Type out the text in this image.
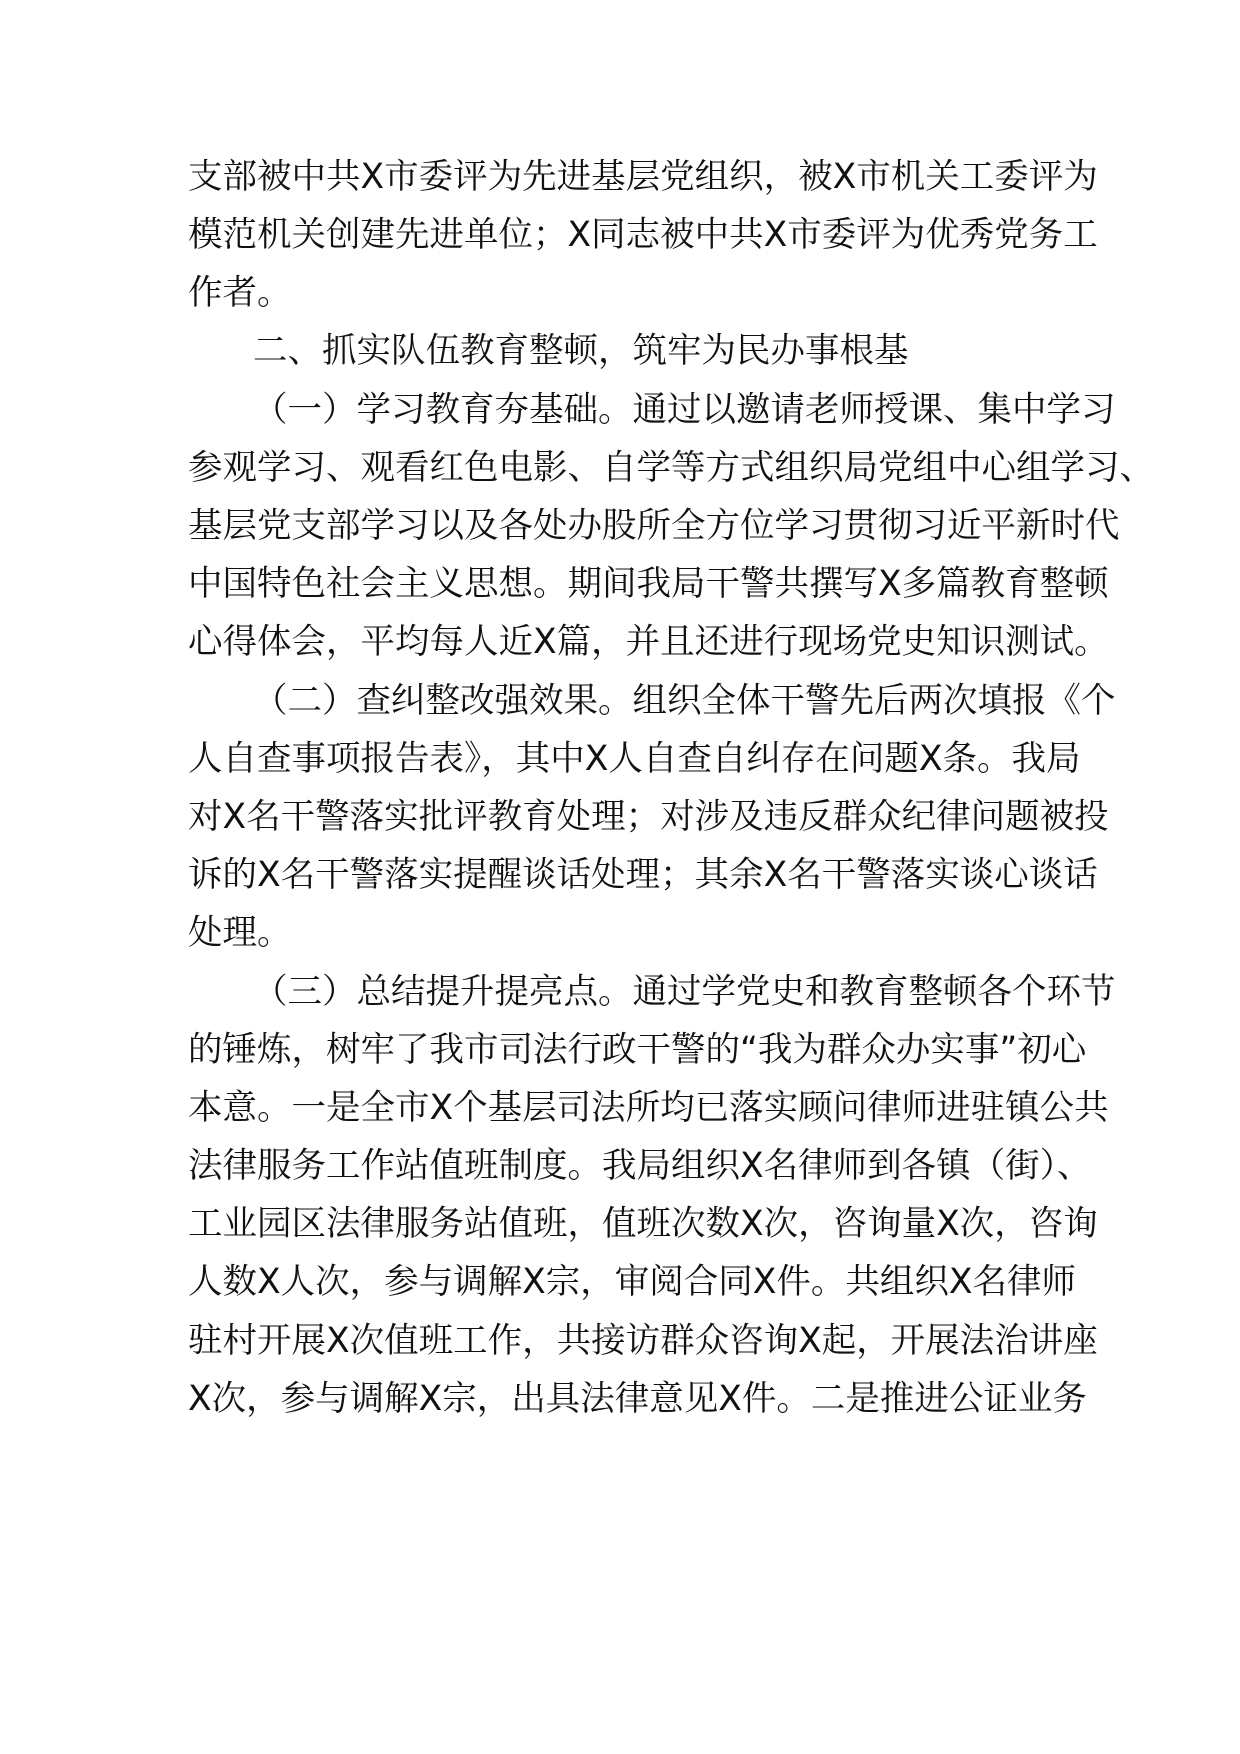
支部被中共X市委评为先进基层党组织，被X市机关工委评为
模范机关创建先进单位；X同志被中共X市委评为优秀党务工
作者。
二、抓实队伍教育整顿，筑牢为民办事根基
（一）学习教育夯基础。通过以邀请老师授课、集中学习
参观学习、观看红色电影、自学等方式组织局党组中心组学习、
基层党支部学习以及各处办股所全方位学习贯彻习近平新时代
中国特色社会主义思想。期间我局干警共撰写X多篇教育整顿
心得体会，平均每人近X篇，并且还进行现场党史知识测试。
（二）查纠整改强效果。组织全体干警先后两次填报《个
人自查事项报告表》，其中X人自查自纠存在问题X条。我局
对X名干警落实批评教育处理；对涉及违反群众纪律问题被投
诉的X名干警落实提醒谈话处理；其余X名干警落实谈心谈话
处理。
（三）总结提升提亮点。通过学党史和教育整顿各个环节
的锤炼，树牢了我市司法行政干警的“我为群众办实事”初心
本意。一是全市X个基层司法所均已落实顾问律师进驻镇公共
法律服务工作站值班制度。我局组织X名律师到各镇（街）、
工业园区法律服务站值班，值班次数X次，咨询量X次，咨询
人数X人次，参与调解X宗，审阅合同X件。共组织X名律师
驻村开展X次值班工作，共接访群众咨询X起，开展法治讲座
X次，参与调解X宗，出具法律意见X件。二是推进公证业务
